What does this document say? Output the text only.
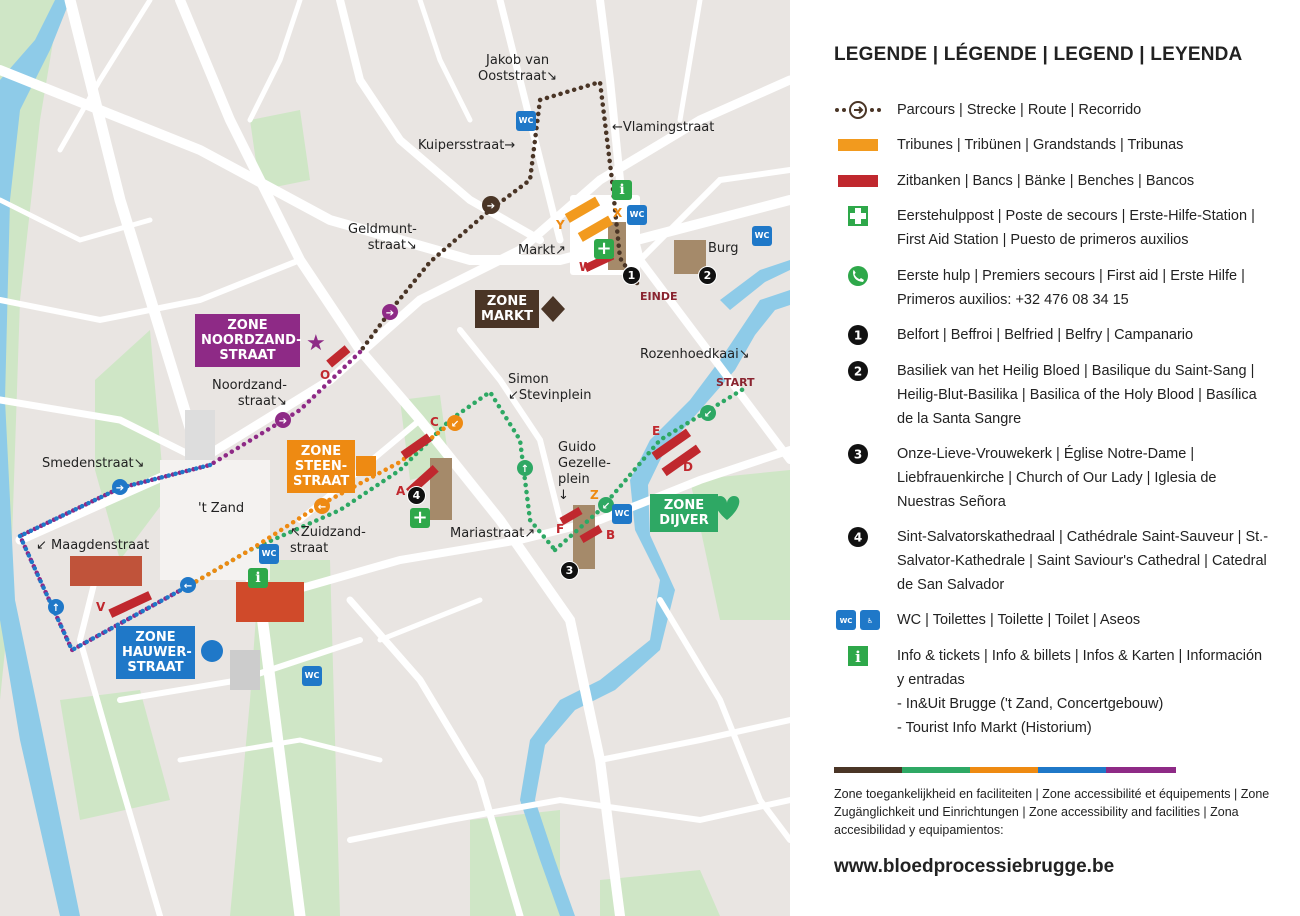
★
➔
➔
➔
➔
↑
←
↙
←
↑
↙
↙
Jakob van
Ooststraat↘
←Vlamingstraat
Kuipersstraat→
Geldmunt-
straat↘	Markt↗	Burg
Rozenhoedkaai↘
Noordzand-
straat↘
Simon
↙Stevinplein
Guido
Gezelle-
plein
↓
Smedenstraat↘
't Zand
↖Zuidzand-
straat
Mariastraat↗
↙ Maagdenstraat
ZONE
NOORDZAND-
STRAAT
ZONE
MARKT
ZONE
STEEN-
STRAAT
ZONE
DIJVER
ZONE
HAUWER-
STRAAT
A
B
C
D
E
F
O
V
W
X
Y
Z
EINDE
START
1	2
3
4
WC
WC
WC
WC
WC
WC
i
i
+
+
LEGENDE | LÉGENDE | LEGEND | LEYENDA
Parcours | Strecke | Route | Recorrido
Tribunes | Tribünen | Grandstands | Tribunas
Zitbanken | Bancs | Bänke | Benches | Bancos
Eerstehulppost | Poste de secours | Erste-Hilfe-Station | First Aid Station | Puesto de primeros auxilios
Eerste hulp | Premiers secours | First aid | Erste Hilfe | Primeros auxilios: +32 476 08 34 15
1 Belfort | Beffroi | Belfried | Belfry | Campanario
2 Basiliek van het Heilig Bloed | Basilique du Saint-Sang | Heilig-Blut-Basilika | Basilica of the Holy Blood | Basílica de la Santa Sangre
3 Onze-Lieve-Vrouwekerk | Église Notre-Dame | Liebfrauenkirche | Church of Our Lady | Iglesia de Nuestras Señora
4 Sint-Salvatorskathedraal | Cathédrale Saint-Sauveur | St.-Salvator-Kathedrale | Saint Saviour's Cathedral | Catedral de San Salvador
WC ♿ WC | Toilettes | Toilette | Toilet | Aseos
i Info & tickets | Info & billets | Infos & Karten | Información y entradas
- In&Uit Brugge ('t Zand, Concertgebouw)
- Tourist Info Markt (Historium)
Zone toegankelijkheid en faciliteiten | Zone accessibilité et équipements | Zone Zugänglichkeit und Einrichtungen | Zone accessibility and facilities | Zona accesibilidad y equipamientos:
www.bloedprocessiebrugge.be
